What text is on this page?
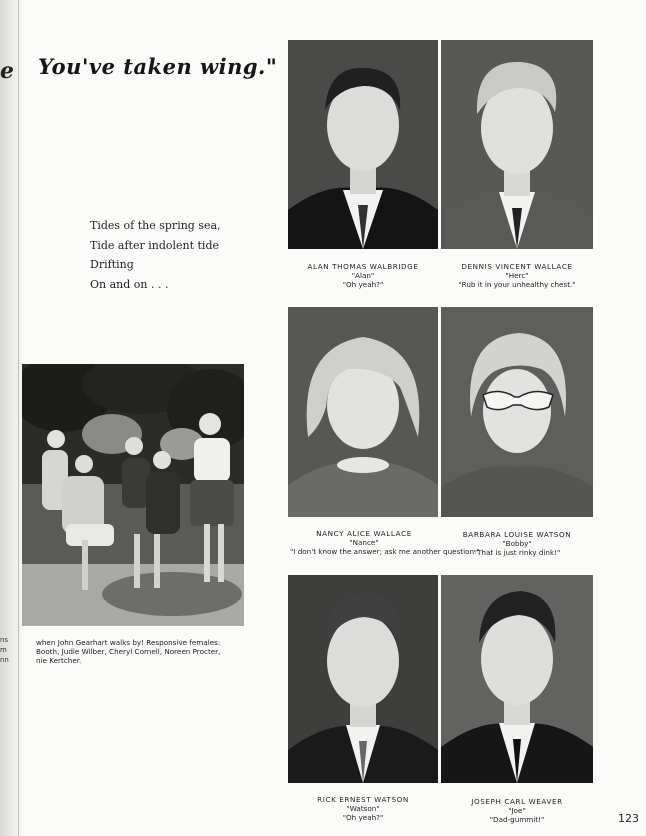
e
ns
m
nn
You've taken wing."
Tides of the spring sea,
Tide after indolent tide
Drifting
On and on . . .
when John Gearhart walks by! Responsive females: Booth, Judie Wilber, Cheryl Cornell, Noreen Procter, nie Kertcher.
ALAN THOMAS WALBRIDGE
"Alan"
"Oh yeah?"
DENNIS VINCENT WALLACE
"Herc"
"Rub it in your unhealthy chest."
NANCY ALICE WALLACE
"Nance"
"I don't know the answer; ask me another question."
BARBARA LOUISE WATSON
"Bobby"
"That is just rinky dink!"
RICK ERNEST WATSON
"Watson"
"Oh yeah?"
JOSEPH CARL WEAVER
"Joe"
"Dad-gummit!"	123
